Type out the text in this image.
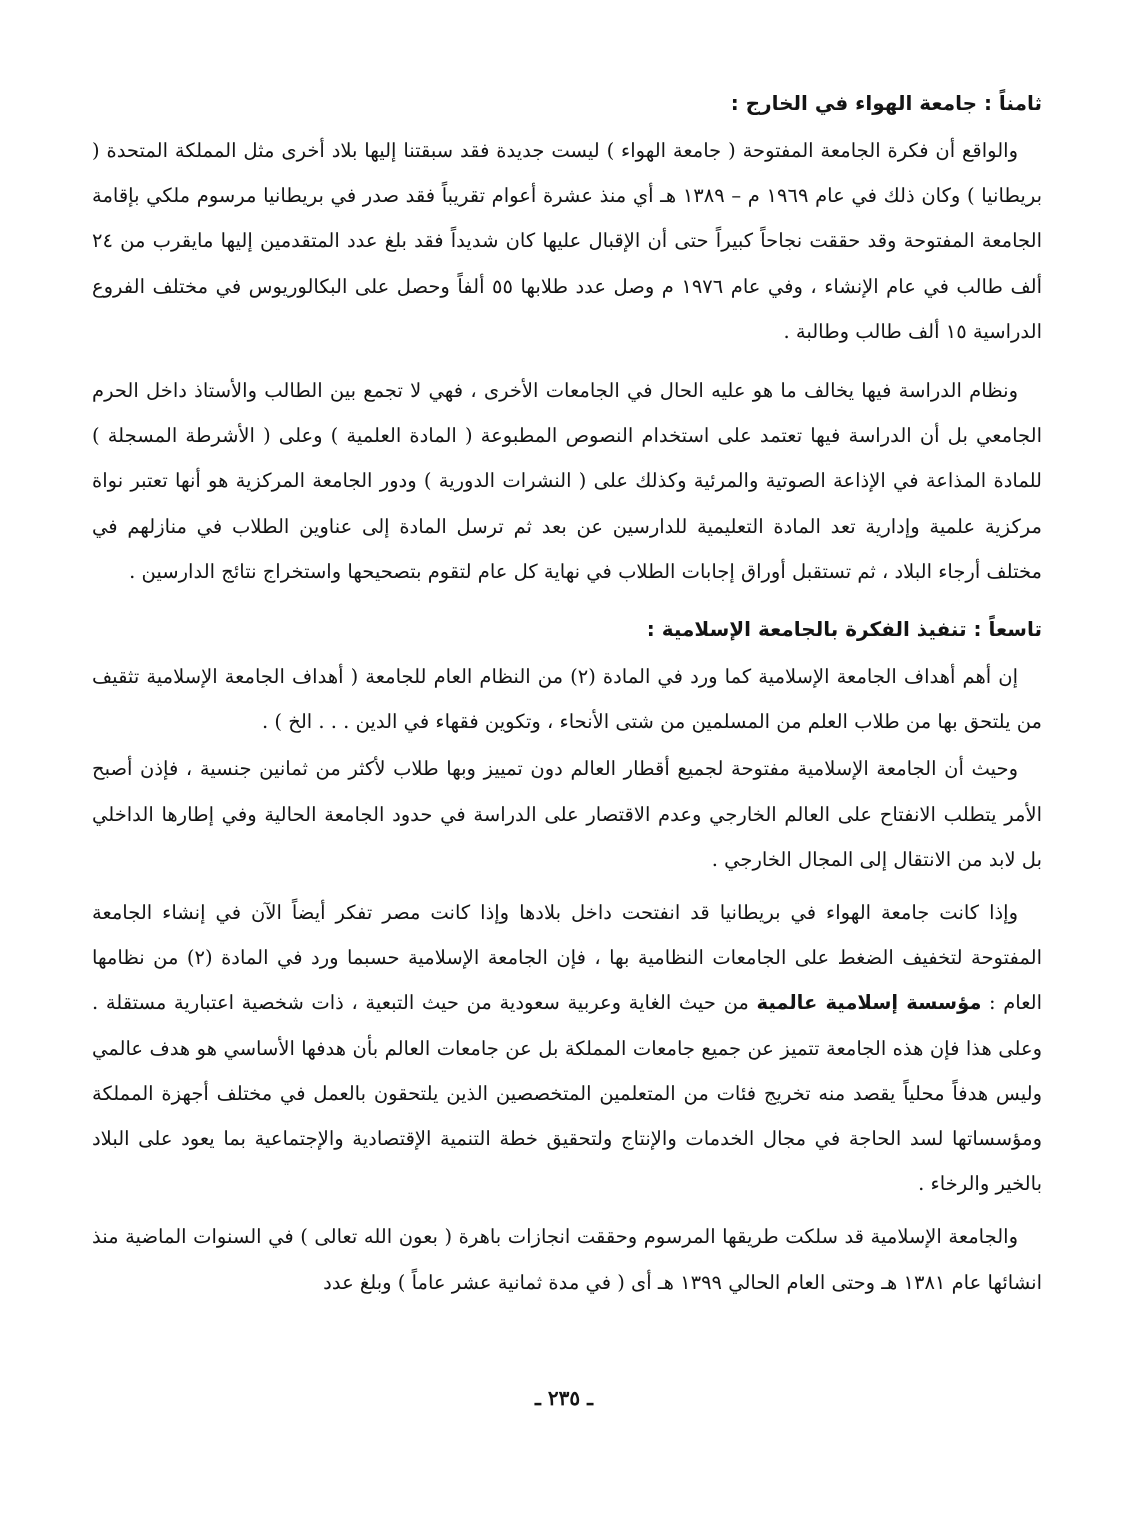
ثامناً : جامعة الهواء في الخارج :

والواقع أن فكرة الجامعة المفتوحة ( جامعة الهواء ) ليست جديدة فقد سبقتنا إليها بلاد أخرى مثل المملكة المتحدة ( بريطانيا ) وكان ذلك في عام ١٩٦٩ م – ١٣٨٩ هـ أي منذ عشرة أعوام تقريباً فقد صدر في بريطانيا مرسوم ملكي بإقامة الجامعة المفتوحة وقد حققت نجاحاً كبيراً حتى أن الإقبال عليها كان شديداً فقد بلغ عدد المتقدمين إليها مايقرب من ٢٤ ألف طالب في عام الإنشاء ، وفي عام ١٩٧٦ م وصل عدد طلابها ٥٥ ألفاً وحصل على البكالوريوس في مختلف الفروع الدراسية ١٥ ألف طالب وطالبة .

ونظام الدراسة فيها يخالف ما هو عليه الحال في الجامعات الأخرى ، فهي لا تجمع بين الطالب والأستاذ داخل الحرم الجامعي بل أن الدراسة فيها تعتمد على استخدام النصوص المطبوعة ( المادة العلمية ) وعلى ( الأشرطة المسجلة ) للمادة المذاعة في الإذاعة الصوتية والمرئية وكذلك على ( النشرات الدورية ) ودور الجامعة المركزية هو أنها تعتبر نواة مركزية علمية وإدارية تعد المادة التعليمية للدارسين عن بعد ثم ترسل المادة إلى عناوين الطلاب في منازلهم في مختلف أرجاء البلاد ، ثم تستقبل أوراق إجابات الطلاب في نهاية كل عام لتقوم بتصحيحها واستخراج نتائج الدارسين .

تاسعاً : تنفيذ الفكرة بالجامعة الإسلامية :

إن أهم أهداف الجامعة الإسلامية كما ورد في المادة (٢) من النظام العام للجامعة ( أهداف الجامعة الإسلامية تثقيف من يلتحق بها من طلاب العلم من المسلمين من شتى الأنحاء ، وتكوين فقهاء في الدين . . . الخ ) .

وحيث أن الجامعة الإسلامية مفتوحة لجميع أقطار العالم دون تمييز وبها طلاب لأكثر من ثمانين جنسية ، فإذن أصبح الأمر يتطلب الانفتاح على العالم الخارجي وعدم الاقتصار على الدراسة في حدود الجامعة الحالية وفي إطارها الداخلي بل لابد من الانتقال إلى المجال الخارجي .

وإذا كانت جامعة الهواء في بريطانيا قد انفتحت داخل بلادها وإذا كانت مصر تفكر أيضاً الآن في إنشاء الجامعة المفتوحة لتخفيف الضغط على الجامعات النظامية بها ، فإن الجامعة الإسلامية حسبما ورد في المادة (٢) من نظامها العام : مؤسسة إسلامية عالمية من حيث الغاية وعربية سعودية من حيث التبعية ، ذات شخصية اعتبارية مستقلة . وعلى هذا فإن هذه الجامعة تتميز عن جميع جامعات المملكة بل عن جامعات العالم بأن هدفها الأساسي هو هدف عالمي وليس هدفاً محلياً يقصد منه تخريج فئات من المتعلمين المتخصصين الذين يلتحقون بالعمل في مختلف أجهزة المملكة ومؤسساتها لسد الحاجة في مجال الخدمات والإنتاج ولتحقيق خطة التنمية الإقتصادية والإجتماعية بما يعود على البلاد بالخير والرخاء .

والجامعة الإسلامية قد سلكت طريقها المرسوم وحققت انجازات باهرة ( بعون الله تعالى ) في السنوات الماضية منذ انشائها عام ١٣٨١ هـ وحتى العام الحالي ١٣٩٩ هـ أى ( في مدة ثمانية عشر عاماً ) وبلغ عدد

ـ ٢٣٥ ـ
